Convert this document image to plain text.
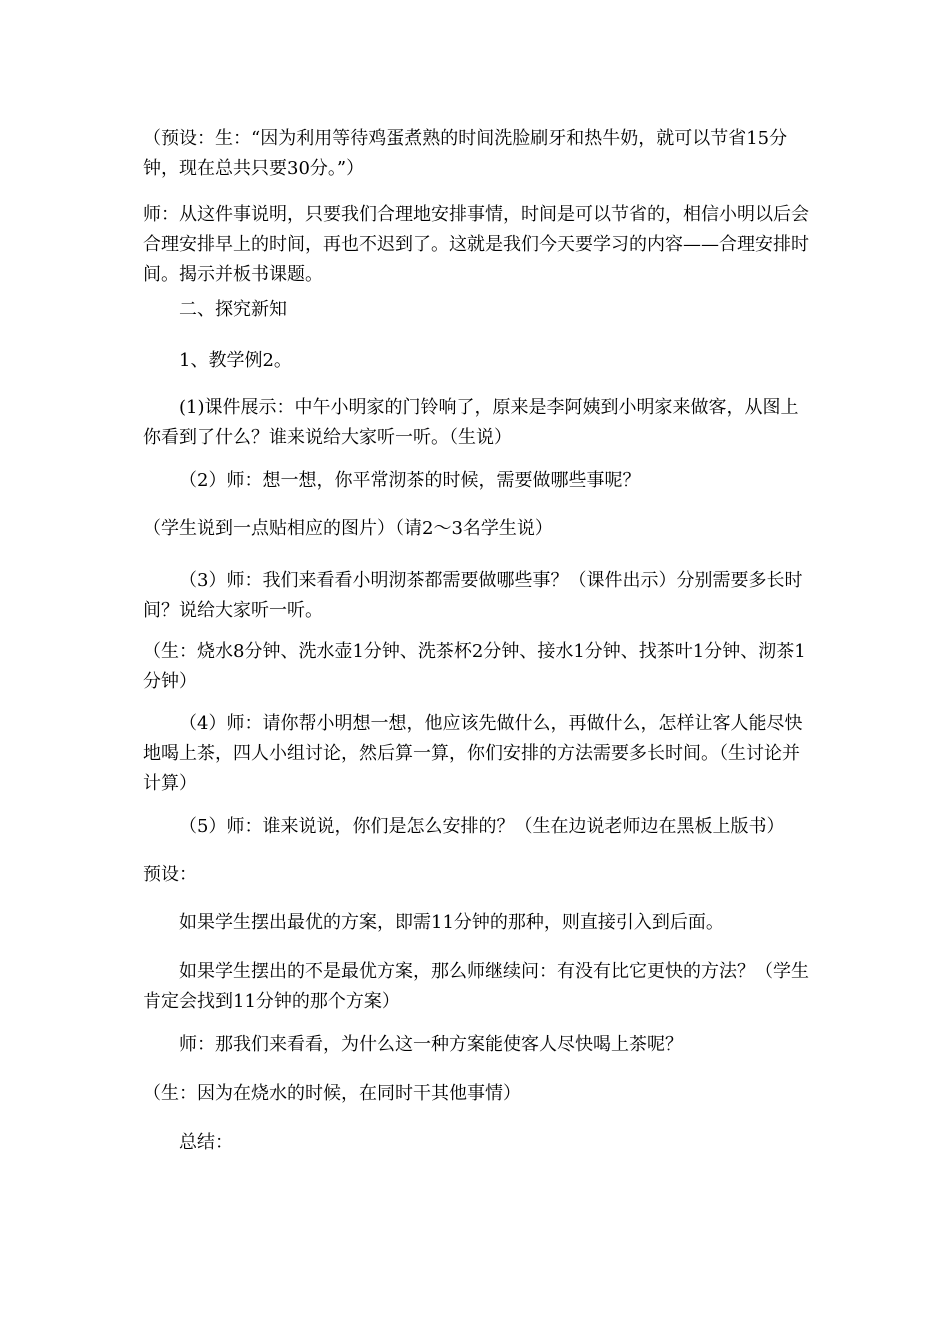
（预设：生：“因为利用等待鸡蛋煮熟的时间洗脸刷牙和热牛奶，就可以节省15分钟，现在总共只要30分。”）

师：从这件事说明，只要我们合理地安排事情，时间是可以节省的，相信小明以后会合理安排早上的时间，再也不迟到了。这就是我们今天要学习的内容——合理安排时间。揭示并板书课题。

二、探究新知

1、教学例2。

(1)课件展示：中午小明家的门铃响了，原来是李阿姨到小明家来做客，从图上你看到了什么？谁来说给大家听一听。（生说）

（2）师：想一想，你平常沏茶的时候，需要做哪些事呢？

（学生说到一点贴相应的图片）（请2～3名学生说）

（3）师：我们来看看小明沏茶都需要做哪些事？（课件出示）分别需要多长时间？说给大家听一听。

（生：烧水8分钟、洗水壶1分钟、洗茶杯2分钟、接水1分钟、找茶叶1分钟、沏茶1分钟）

（4）师：请你帮小明想一想，他应该先做什么，再做什么，怎样让客人能尽快地喝上茶，四人小组讨论，然后算一算，你们安排的方法需要多长时间。（生讨论并计算）

（5）师：谁来说说，你们是怎么安排的？（生在边说老师边在黑板上版书）

预设：

如果学生摆出最优的方案，即需11分钟的那种，则直接引入到后面。

如果学生摆出的不是最优方案，那么师继续问：有没有比它更快的方法？（学生肯定会找到11分钟的那个方案）

师：那我们来看看，为什么这一种方案能使客人尽快喝上茶呢？

（生：因为在烧水的时候，在同时干其他事情）

总结：
